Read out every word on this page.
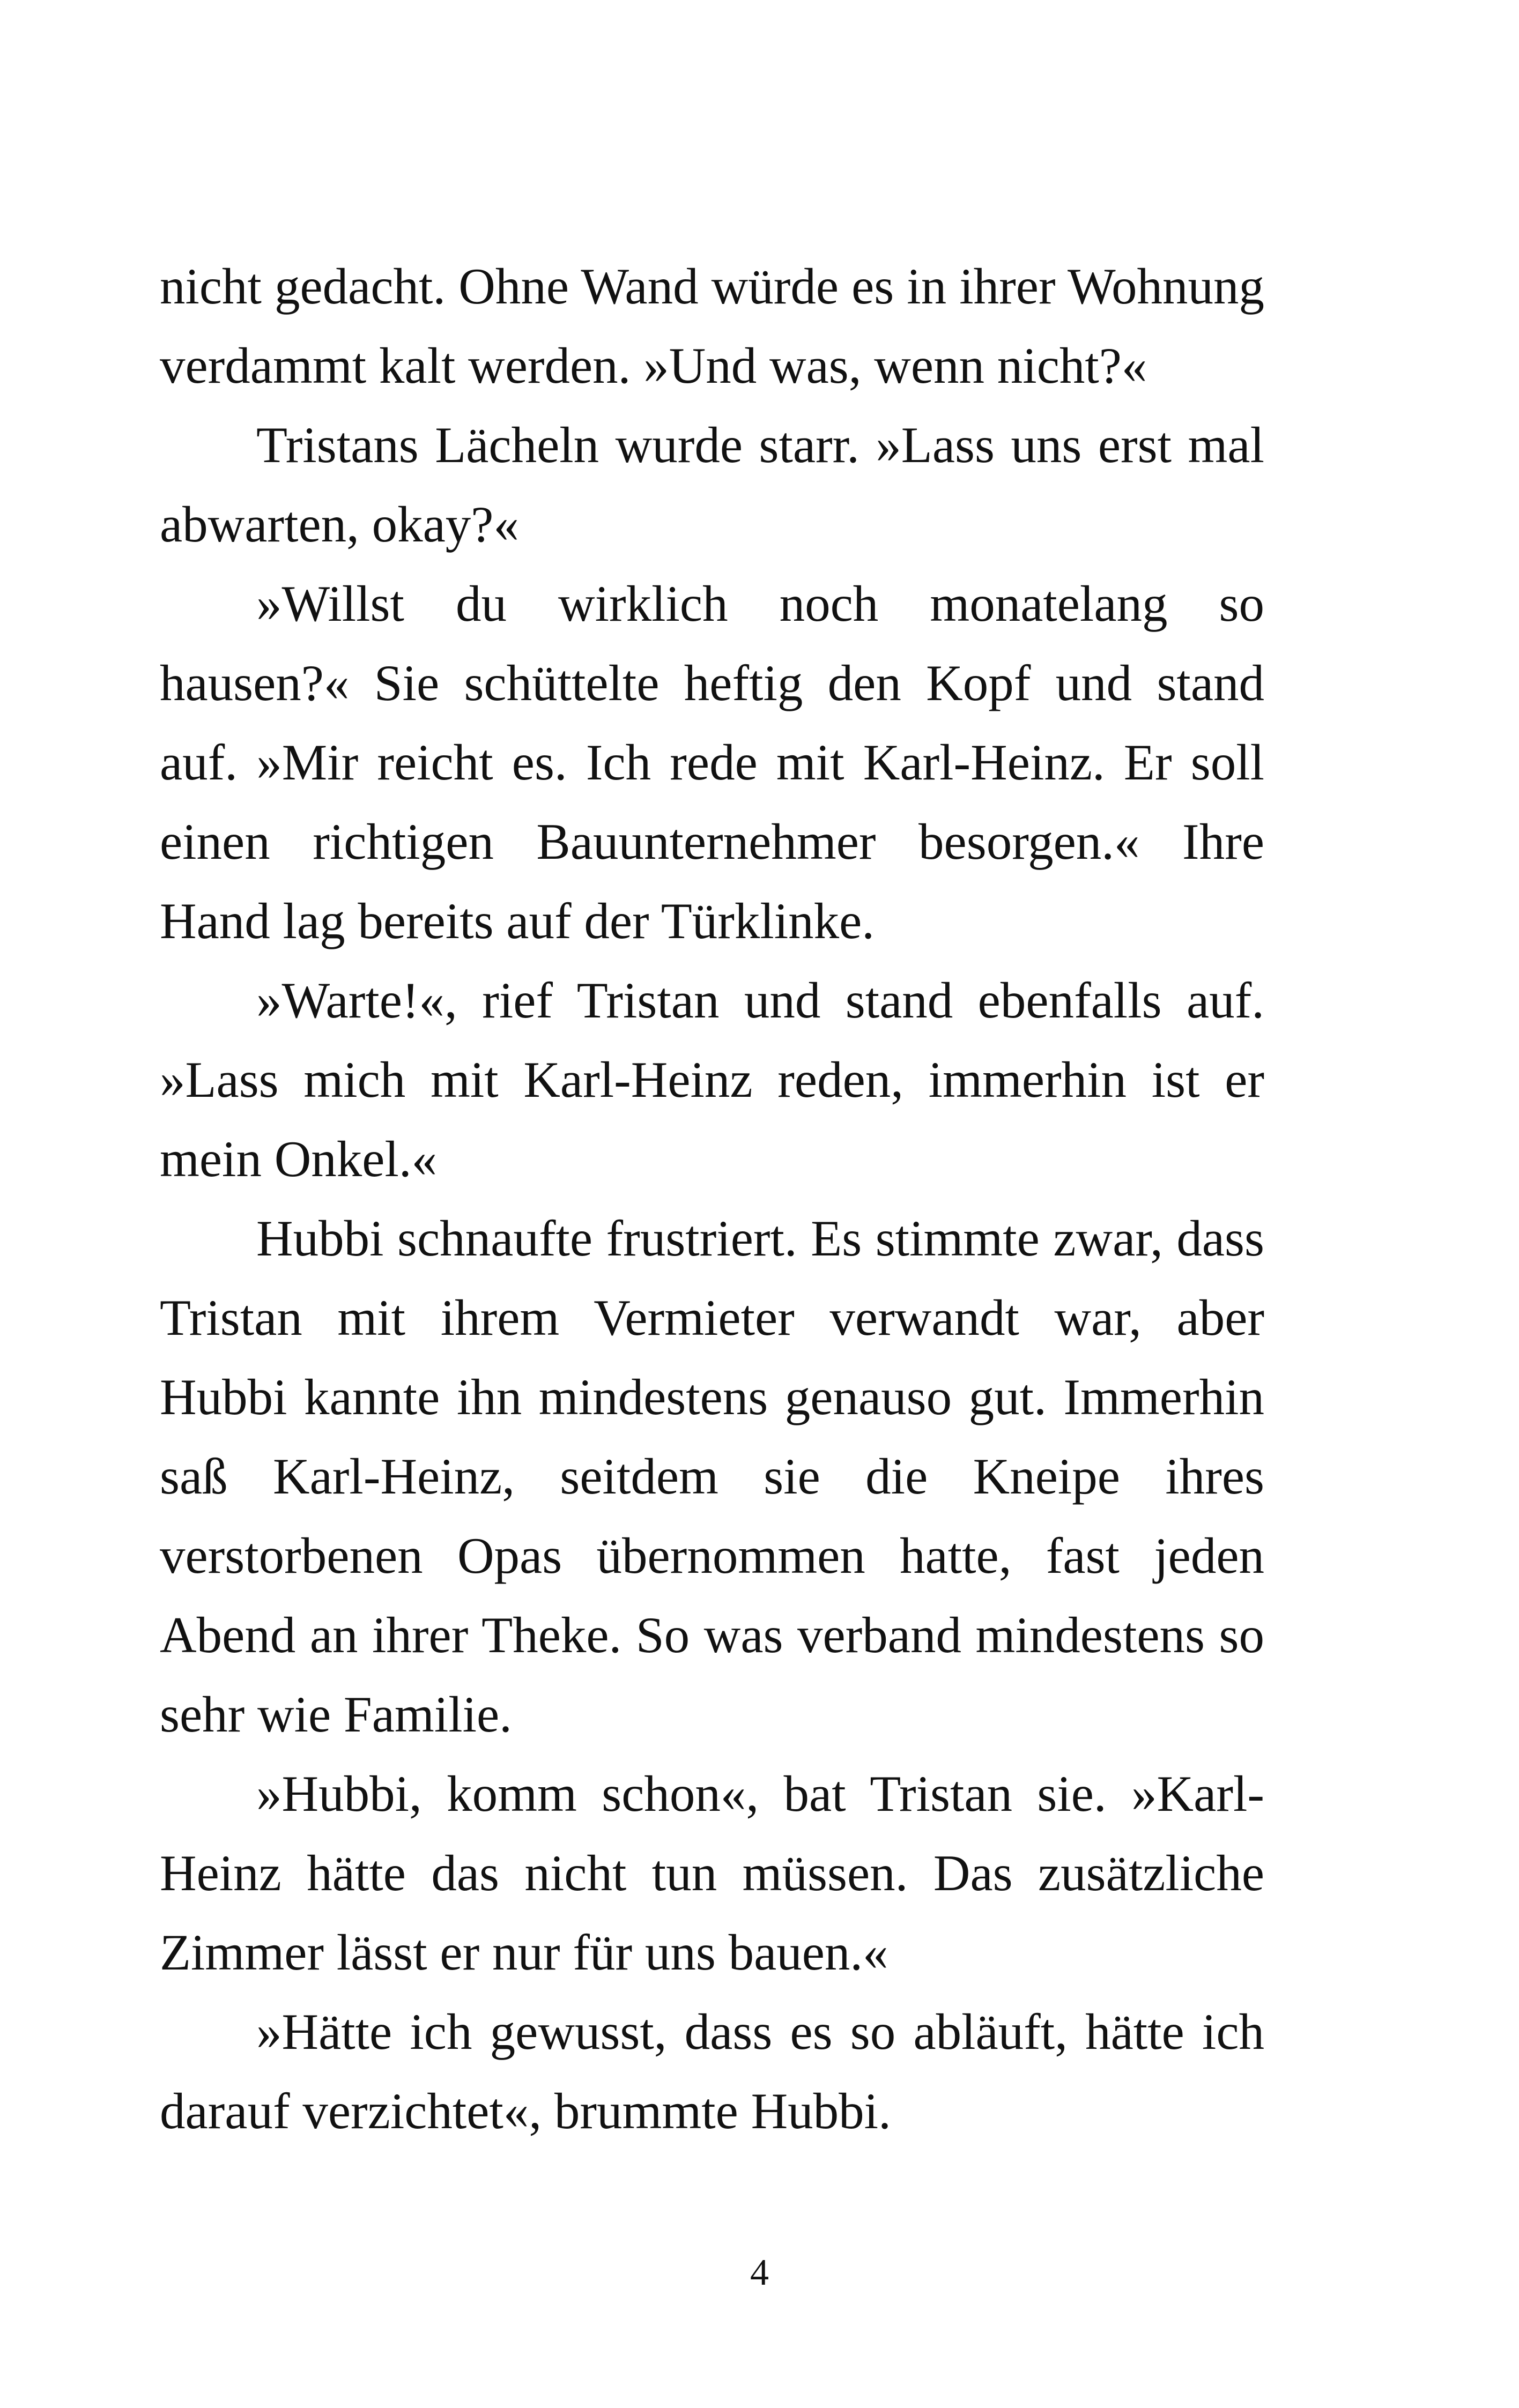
nicht gedacht. Ohne Wand würde es in ihrer Wohnung verdammt kalt werden. »Und was, wenn nicht?«

Tristans Lächeln wurde starr. »Lass uns erst mal abwarten, okay?«

»Willst du wirklich noch monatelang so hausen?« Sie schüttelte heftig den Kopf und stand auf. »Mir reicht es. Ich rede mit Karl-Heinz. Er soll einen richtigen Bauunternehmer besorgen.« Ihre Hand lag bereits auf der Türklinke.

»Warte!«, rief Tristan und stand ebenfalls auf. »Lass mich mit Karl-Heinz reden, immerhin ist er mein Onkel.«

Hubbi schnaufte frustriert. Es stimmte zwar, dass Tristan mit ihrem Vermieter verwandt war, aber Hubbi kannte ihn mindestens genauso gut. Immerhin saß Karl-Heinz, seitdem sie die Kneipe ihres verstorbenen Opas übernommen hatte, fast jeden Abend an ihrer Theke. So was verband mindestens so sehr wie Familie.

»Hubbi, komm schon«, bat Tristan sie. »Karl-Heinz hätte das nicht tun müssen. Das zusätzliche Zimmer lässt er nur für uns bauen.«

»Hätte ich gewusst, dass es so abläuft, hätte ich darauf verzichtet«, brummte Hubbi.

4
